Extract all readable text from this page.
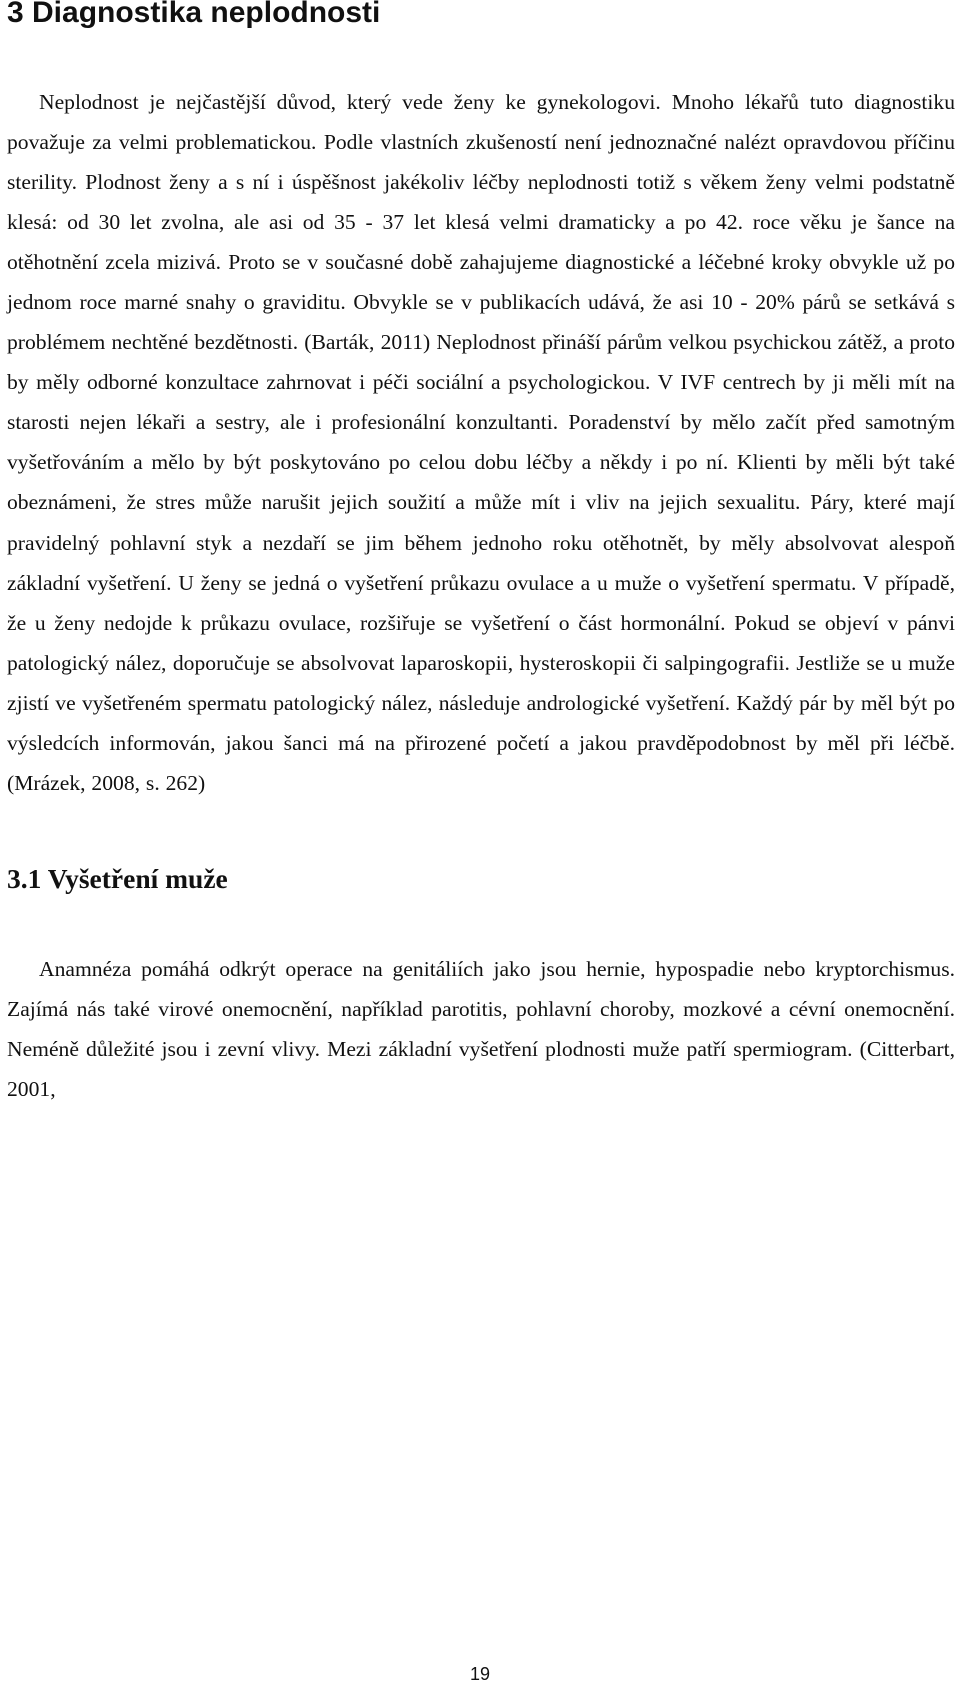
3 Diagnostika neplodnosti

Neplodnost je nejčastější důvod, který vede ženy ke gynekologovi. Mnoho lékařů tuto diagnostiku považuje za velmi problematickou. Podle vlastních zkušeností není jednoznačné nalézt opravdovou příčinu sterility. Plodnost ženy a s ní i úspěšnost jakékoliv léčby neplodnosti totiž s věkem ženy velmi podstatně klesá: od 30 let zvolna, ale asi od 35 - 37 let klesá velmi dramaticky a po 42. roce věku je šance na otěhotnění zcela mizivá. Proto se v současné době zahajujeme diagnostické a léčebné kroky obvykle už po jednom roce marné snahy o graviditu. Obvykle se v publikacích udává, že asi 10 - 20% párů se setkává s problémem nechtěné bezdětnosti. (Barták, 2011) Neplodnost přináší párům velkou psychickou zátěž, a proto by měly odborné konzultace zahrnovat i péči sociální a psychologickou. V IVF centrech by ji měli mít na starosti nejen lékaři a sestry, ale i profesionální konzultanti. Poradenství by mělo začít před samotným vyšetřováním a mělo by být poskytováno po celou dobu léčby a někdy i po ní. Klienti by měli být také obeznámeni, že stres může narušit jejich soužití a může mít i vliv na jejich sexualitu. Páry, které mají pravidelný pohlavní styk a nezdaří se jim během jednoho roku otěhotnět, by měly absolvovat alespoň základní vyšetření. U ženy se jedná o vyšetření průkazu ovulace a u muže o vyšetření spermatu. V případě, že u ženy nedojde k průkazu ovulace, rozšiřuje se vyšetření o část hormonální. Pokud se objeví v pánvi patologický nález, doporučuje se absolvovat laparoskopii, hysteroskopii či salpingografii. Jestliže se u muže zjistí ve vyšetřeném spermatu patologický nález, následuje andrologické vyšetření. Každý pár by měl být po výsledcích informován, jakou šanci má na přirozené početí a jakou pravděpodobnost by měl při léčbě. (Mrázek, 2008, s. 262)

3.1 Vyšetření muže

Anamnéza pomáhá odkrýt operace na genitáliích jako jsou hernie, hypospadie nebo kryptorchismus. Zajímá nás také virové onemocnění, například parotitis, pohlavní choroby, mozkové a cévní onemocnění. Neméně důležité jsou i zevní vlivy. Mezi základní vyšetření plodnosti muže patří spermiogram. (Citterbart, 2001,

19
